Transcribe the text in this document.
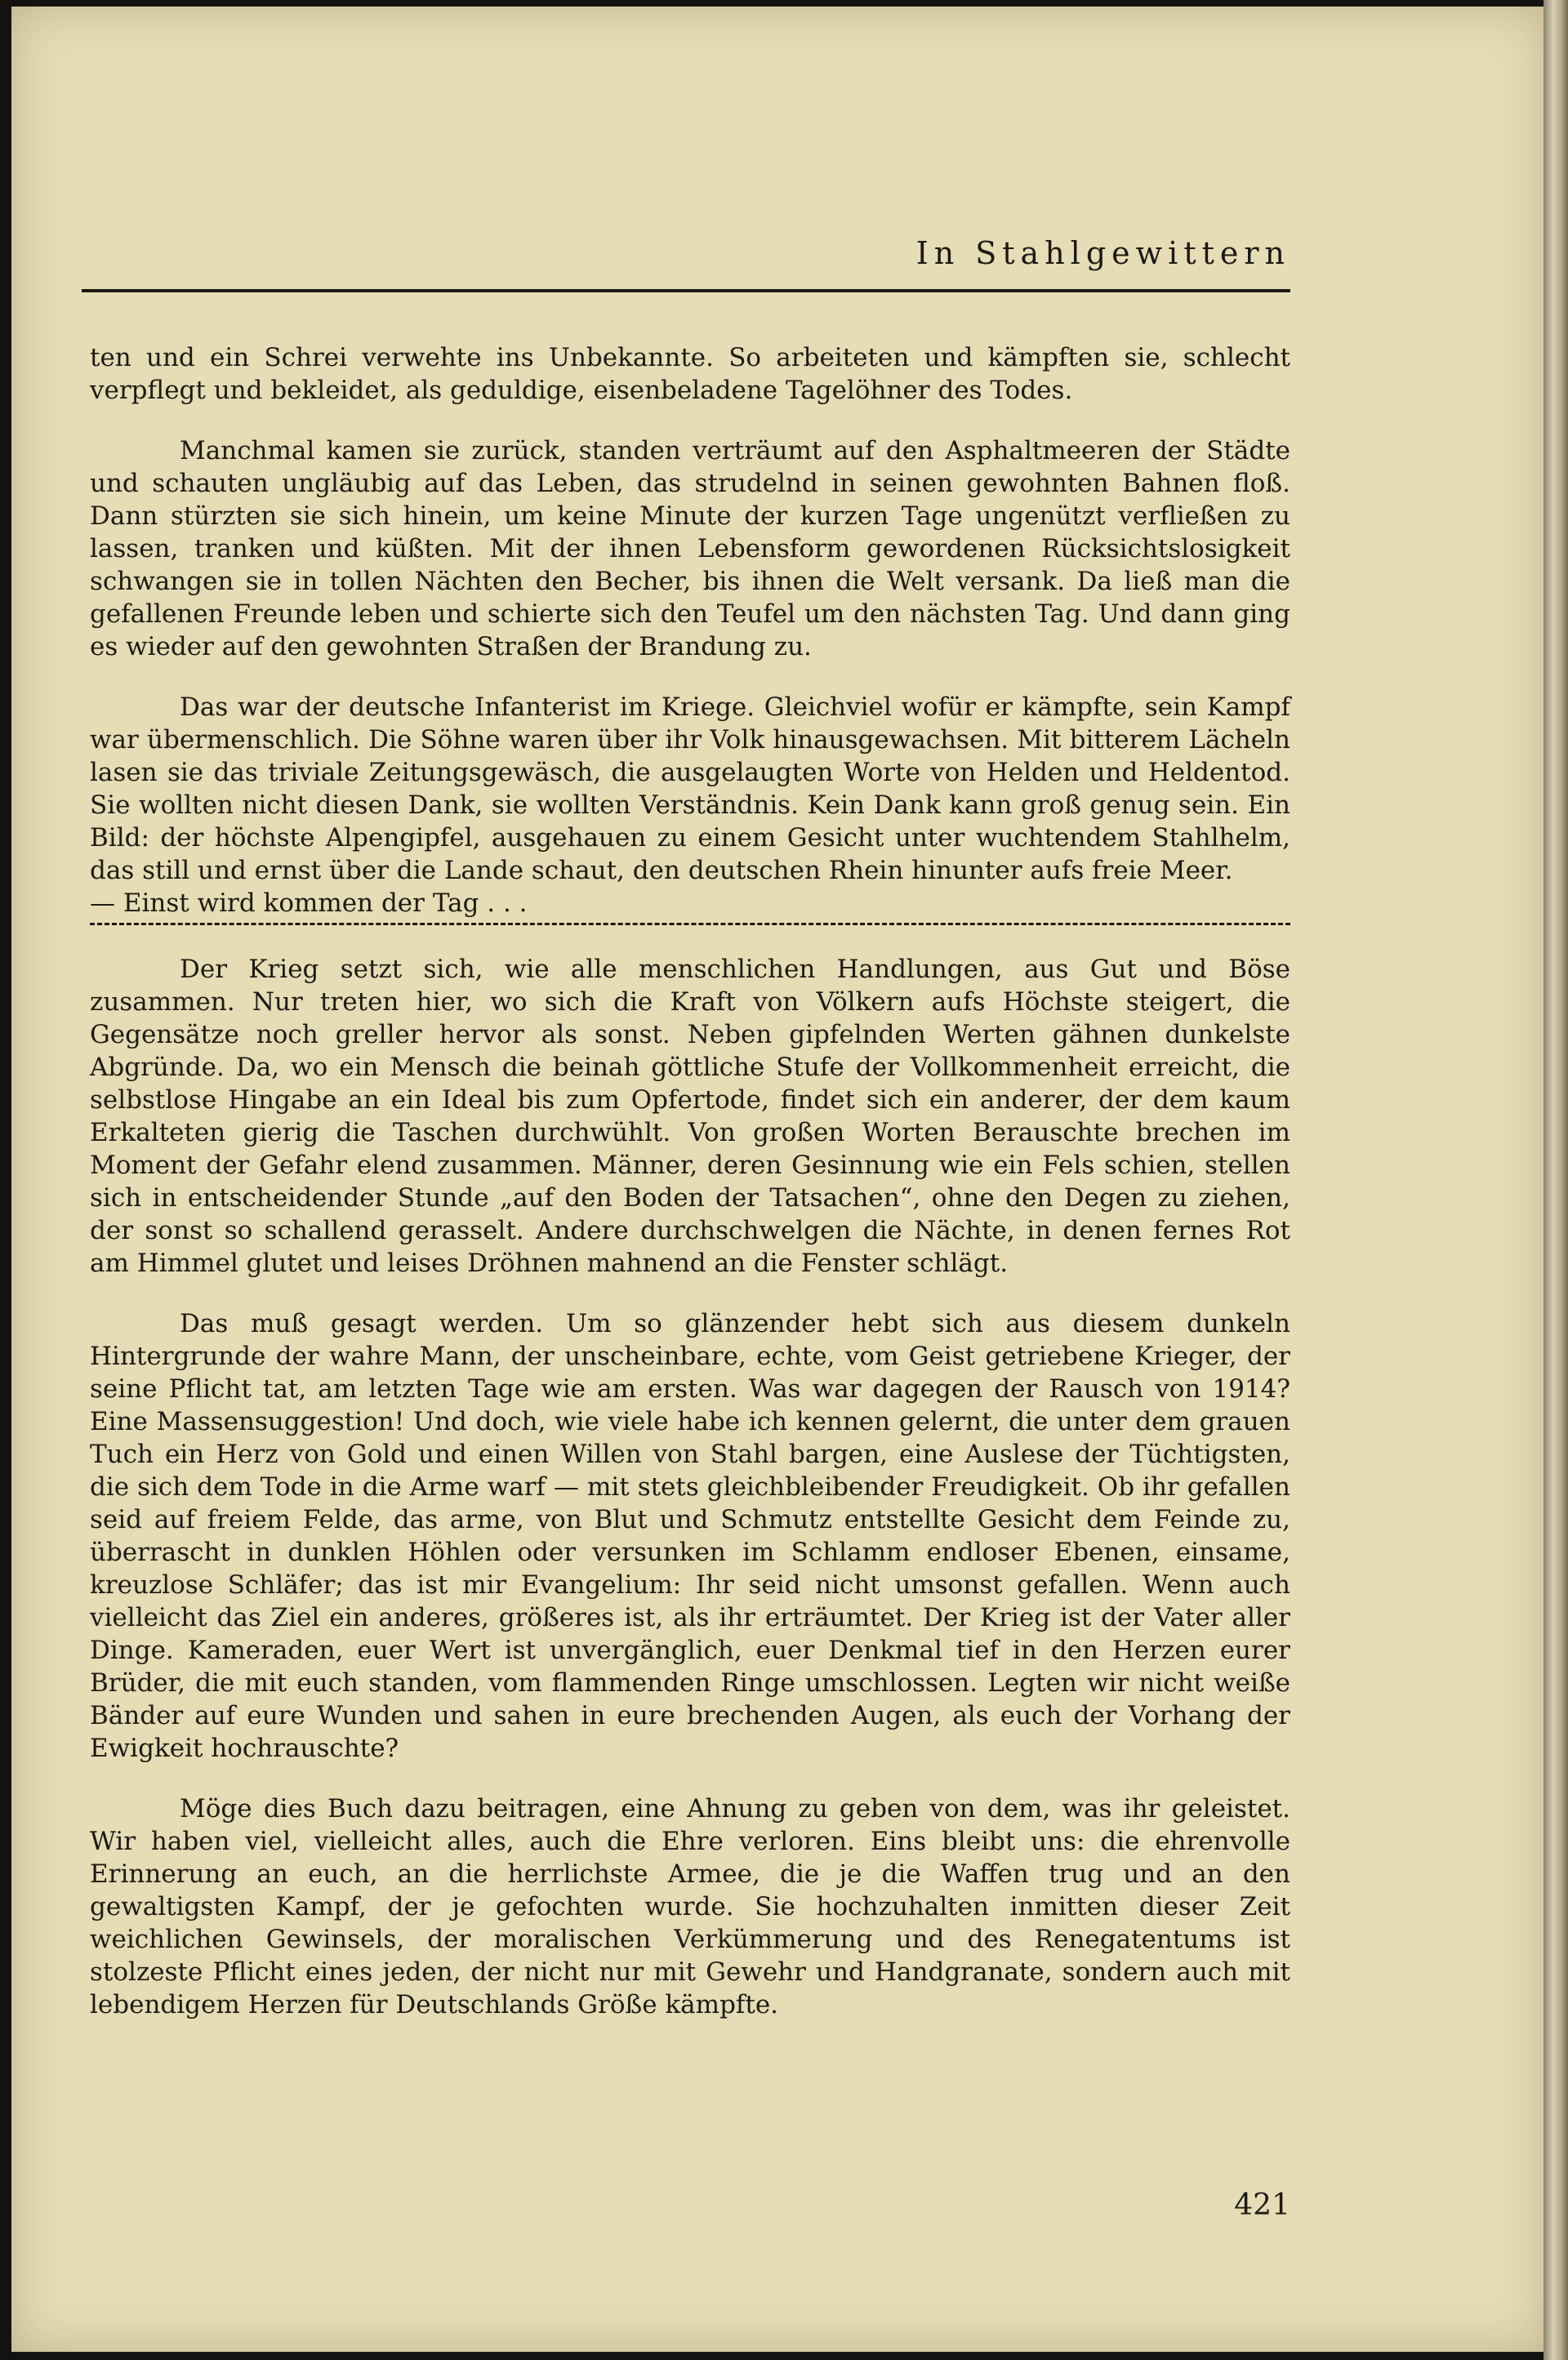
In Stahlgewittern

ten und ein Schrei verwehte ins Unbekannte. So arbeiteten und kämpften sie, schlecht verpflegt und bekleidet, als geduldige, eisenbeladene Tagelöhner des Todes.

Manchmal kamen sie zurück, standen verträumt auf den Asphaltmeeren der Städte und schauten ungläubig auf das Leben, das strudelnd in seinen gewohnten Bahnen floß. Dann stürzten sie sich hinein, um keine Minute der kurzen Tage ungenützt verfließen zu lassen, tranken und küßten. Mit der ihnen Lebensform gewordenen Rücksichtslosigkeit schwangen sie in tollen Nächten den Becher, bis ihnen die Welt versank. Da ließ man die gefallenen Freunde leben und schierte sich den Teufel um den nächsten Tag. Und dann ging es wieder auf den gewohnten Straßen der Brandung zu.

Das war der deutsche Infanterist im Kriege. Gleichviel wofür er kämpfte, sein Kampf war übermenschlich. Die Söhne waren über ihr Volk hinausgewachsen. Mit bitterem Lächeln lasen sie das triviale Zeitungsgewäsch, die ausgelaugten Worte von Helden und Heldentod. Sie wollten nicht diesen Dank, sie wollten Verständnis. Kein Dank kann groß genug sein. Ein Bild: der höchste Alpengipfel, ausgehauen zu einem Gesicht unter wuchtendem Stahlhelm, das still und ernst über die Lande schaut, den deutschen Rhein hinunter aufs freie Meer.

— Einst wird kommen der Tag . . .

Der Krieg setzt sich, wie alle menschlichen Handlungen, aus Gut und Böse zusammen. Nur treten hier, wo sich die Kraft von Völkern aufs Höchste steigert, die Gegensätze noch greller hervor als sonst. Neben gipfelnden Werten gähnen dunkelste Abgründe. Da, wo ein Mensch die beinah göttliche Stufe der Vollkommenheit erreicht, die selbstlose Hingabe an ein Ideal bis zum Opfertode, findet sich ein anderer, der dem kaum Erkalteten gierig die Taschen durchwühlt. Von großen Worten Berauschte brechen im Moment der Gefahr elend zusammen. Männer, deren Gesinnung wie ein Fels schien, stellen sich in entscheidender Stunde „auf den Boden der Tatsachen“, ohne den Degen zu ziehen, der sonst so schallend gerasselt. Andere durchschwelgen die Nächte, in denen fernes Rot am Himmel glutet und leises Dröhnen mahnend an die Fenster schlägt.

Das muß gesagt werden. Um so glänzender hebt sich aus diesem dunkeln Hintergrunde der wahre Mann, der unscheinbare, echte, vom Geist getriebene Krieger, der seine Pflicht tat, am letzten Tage wie am ersten. Was war dagegen der Rausch von 1914? Eine Massensuggestion! Und doch, wie viele habe ich kennen gelernt, die unter dem grauen Tuch ein Herz von Gold und einen Willen von Stahl bargen, eine Auslese der Tüchtigsten, die sich dem Tode in die Arme warf — mit stets gleichbleibender Freudigkeit. Ob ihr gefallen seid auf freiem Felde, das arme, von Blut und Schmutz entstellte Gesicht dem Feinde zu, überrascht in dunklen Höhlen oder versunken im Schlamm endloser Ebenen, einsame, kreuzlose Schläfer; das ist mir Evangelium: Ihr seid nicht umsonst gefallen. Wenn auch vielleicht das Ziel ein anderes, größeres ist, als ihr erträumtet. Der Krieg ist der Vater aller Dinge. Kameraden, euer Wert ist unvergänglich, euer Denkmal tief in den Herzen eurer Brüder, die mit euch standen, vom flammenden Ringe umschlossen. Legten wir nicht weiße Bänder auf eure Wunden und sahen in eure brechenden Augen, als euch der Vorhang der Ewigkeit hochrauschte?

Möge dies Buch dazu beitragen, eine Ahnung zu geben von dem, was ihr geleistet. Wir haben viel, vielleicht alles, auch die Ehre verloren. Eins bleibt uns: die ehrenvolle Erinnerung an euch, an die herrlichste Armee, die je die Waffen trug und an den gewaltigsten Kampf, der je gefochten wurde. Sie hochzuhalten inmitten dieser Zeit weichlichen Gewinsels, der moralischen Verkümmerung und des Renegatentums ist stolzeste Pflicht eines jeden, der nicht nur mit Gewehr und Handgranate, sondern auch mit lebendigem Herzen für Deutschlands Größe kämpfte.

421
